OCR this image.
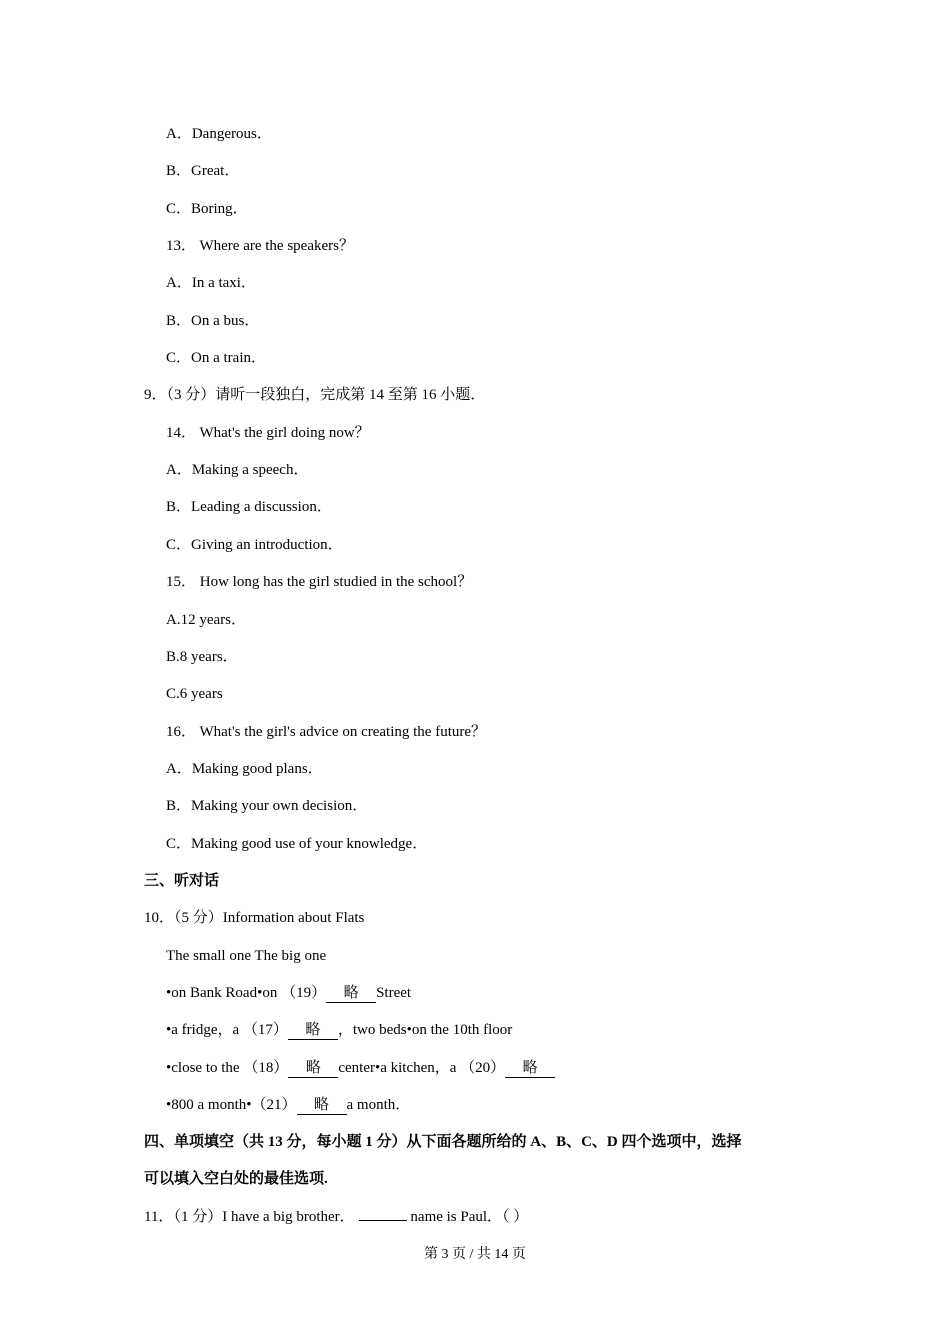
A．Dangerous．
B．Great．
C．Boring．
13． Where are the speakers？
A．In a taxi．
B．On a bus．
C．On a train．
9．（3 分）请听一段独白，完成第 14 至第 16 小题．
14． What's the girl doing now？
A．Making a speech．
B．Leading a discussion．
C．Giving an introduction．
15． How long has the girl studied in the school？
A.12 years．
B.8 years．
C.6 years
16． What's the girl's advice on creating the future？
A．Making good plans．
B．Making your own decision．
C．Making good use of your knowledge．
三、听对话
10．（5 分）Information about Flats
The small one The big one
•on Bank Road•on （19） 略 Street
•a fridge，a （17） 略 ，two beds•on the 10th floor
•close to the （18） 略 center•a kitchen，a （20） 略
•800 a month•（21） 略 a month．
四、单项填空（共 13 分，每小题 1 分）从下面各题所给的 A、B、C、D 四个选项中，选择
可以填入空白处的最佳选项.
11．（1 分）I have a big brother．	name is Paul．（ ）
第 3 页 / 共 14 页
